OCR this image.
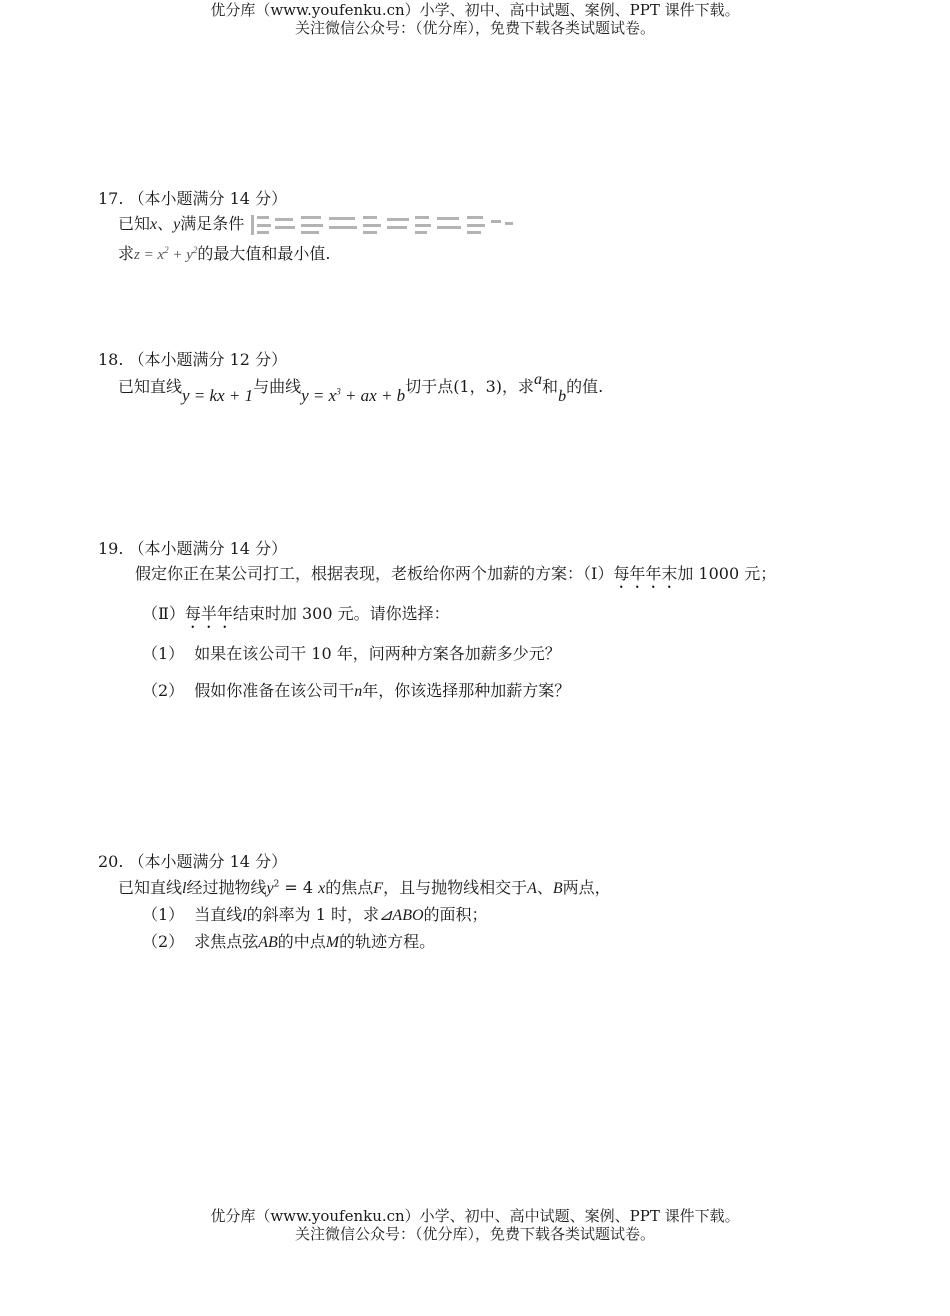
优分库（www.youfenku.cn）小学、初中、高中试题、案例、PPT 课件下载。
关注微信公众号：（优分库），免费下载各类试题试卷。
17. （本小题满分 14 分）
已知x、y满足条件
求$z = x^2 + y^2$的最大值和最小值.
18. （本小题满分 12 分）
已知直线y = kx + 1与曲线$y = x^3$ + ax + b切于点(1，3)，求a和b的值.
19. （本小题满分 14 分）
假定你正在某公司打工，根据表现，老板给你两个加薪的方案：（Ⅰ）每年年末加 1000 元；
（Ⅱ）每半年结束时加 300 元。请你选择：
（1） 如果在该公司干 10 年，问两种方案各加薪多少元？
（2） 假如你准备在该公司干n年，你该选择那种加薪方案？
20. （本小题满分 14 分）
已知直线l经过抛物线$y^2 = 4$ x的焦点F，且与抛物线相交于A、B两点，
（1） 当直线l的斜率为 1 时，求⊿ABO的面积；
（2） 求焦点弦AB的中点M的轨迹方程。
优分库（www.youfenku.cn）小学、初中、高中试题、案例、PPT 课件下载。
关注微信公众号：（优分库），免费下载各类试题试卷。
